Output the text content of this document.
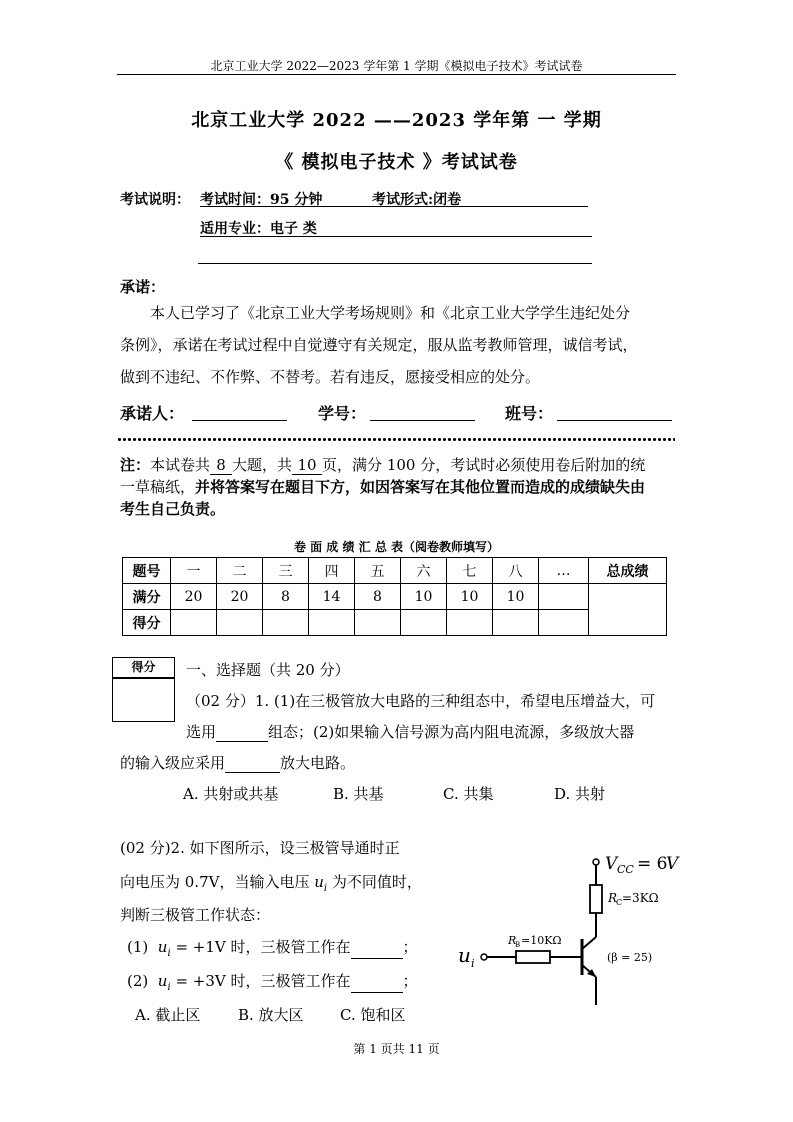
北京工业大学 2022—2023 学年第 1 学期《模拟电子技术》考试试卷
北京工业大学 2022 ——2023 学年第 一 学期
《 模拟电子技术 》考试试卷
考试说明： 考试时间：95 分钟	考试形式:闭卷
适用专业：电子 类
承诺：
本人已学习了《北京工业大学考场规则》和《北京工业大学学生违纪处分
条例》，承诺在考试过程中自觉遵守有关规定，服从监考教师管理，诚信考试，
做到不违纪、不作弊、不替考。若有违反，愿接受相应的处分。
承诺人：	学号：	班号：
注：本试卷共 8 大题，共 10 页，满分 100 分，考试时必须使用卷后附加的统
一草稿纸，并将答案写在题目下方，如因答案写在其他位置而造成的成绩缺失由
考生自己负责。
卷 面 成 绩 汇 总 表（阅卷教师填写）
题号	一	二	三	四	五	六	七	八	…	总成绩
满分	20	20	8	14	8	10	10	10		
得分										
得分	一、选择题（共 20 分）
（02 分）1. (1)在三极管放大电路的三种组态中，希望电压增益大，可
选用	组态；(2)如果输入信号源为高内阻电流源，多级放大器
的输入级应采用	放大电路。
A. 共射或共基	B. 共基	C. 共集	D. 共射
(02 分)2. 如下图所示，设三极管导通时正
向电压为 0.7V，当输入电压 $u_i$ 为不同值时，
判断三极管工作状态：
(1) $u_i = +1V$ 时，三极管工作在	；
(2) $u_i = +3V$ 时，三极管工作在	；
A. 截止区	B. 放大区 C. 饱和区
V CC = 6
V
R
C =3KΩ
(β = 25)
R
B =10KΩ
u i
第 1 页共 11 页
